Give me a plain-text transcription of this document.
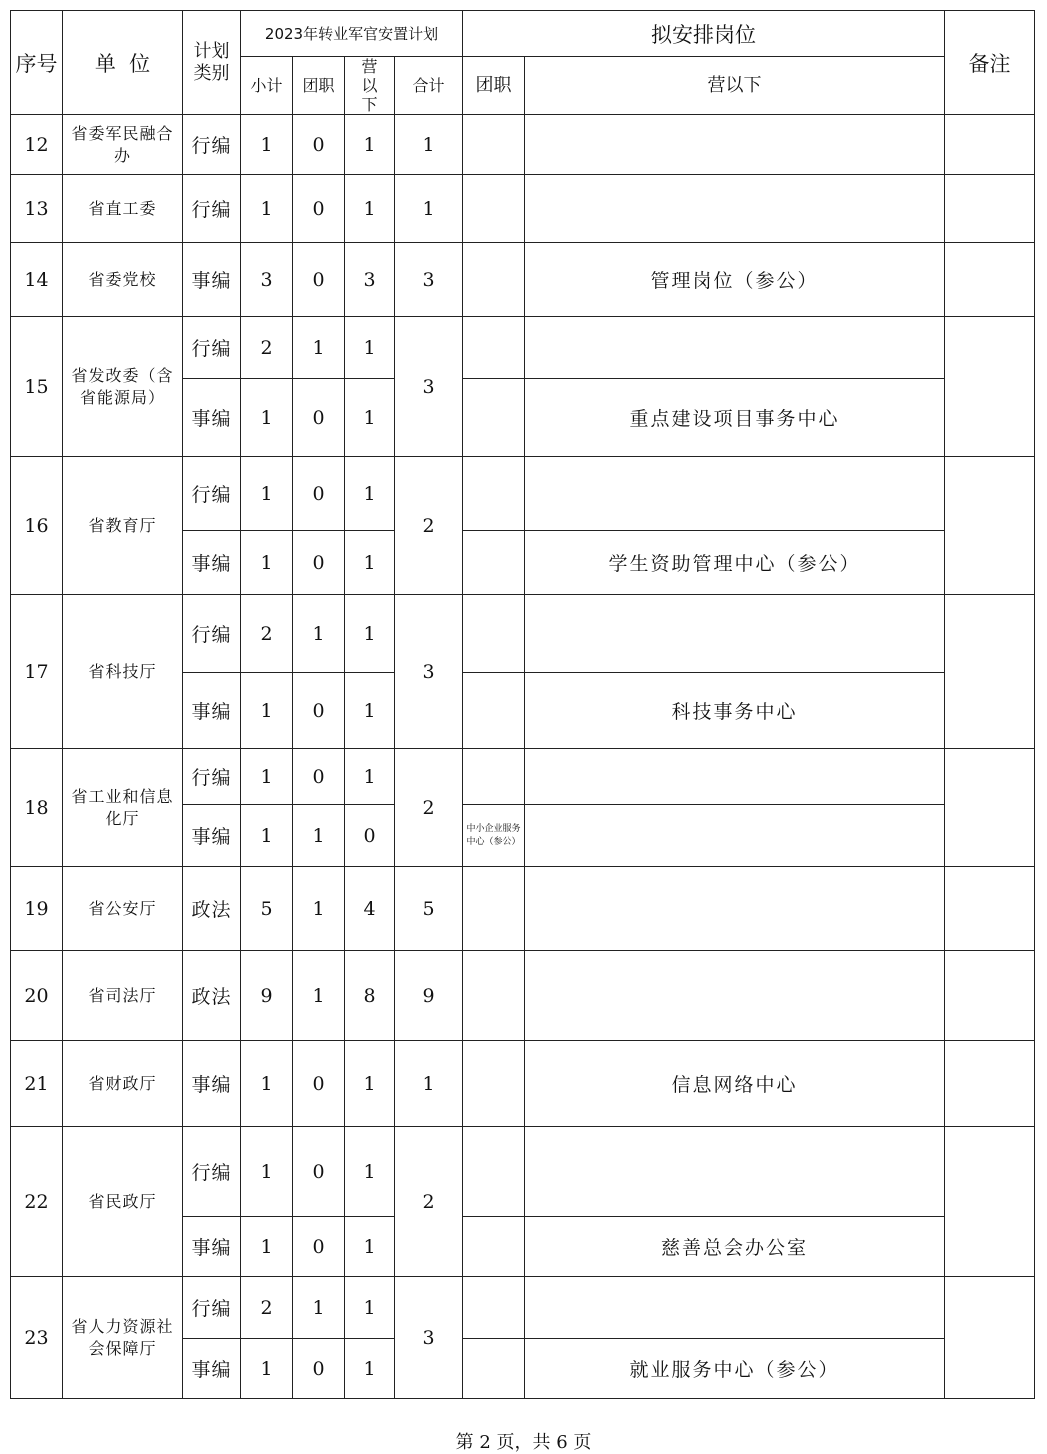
序号	单  位	计划类别	2023年转业军官安置计划				拟安排岗位		备注
			小计	团职	营以下	合计	团职	营以下	
12	省委军民融合办	行编	1	0	1	1			
13	省直工委	行编	1	0	1	1			
14	省委党校	事编	3	0	3	3		管理岗位（参公）	
15	省发改委（含省能源局）	行编	2	1	1	3			
		事编	1	0	1			重点建设项目事务中心	
16	省教育厅	行编	1	0	1	2			
		事编	1	0	1			学生资助管理中心（参公）	
17	省科技厅	行编	2	1	1	3			
		事编	1	0	1			科技事务中心	
18	省工业和信息化厅	行编	1	0	1	2			
		事编	1	1	0		中小企业服务中心（参公）		
19	省公安厅	政法	5	1	4	5			
20	省司法厅	政法	9	1	8	9			
21	省财政厅	事编	1	0	1	1		信息网络中心	
22	省民政厅	行编	1	0	1	2			
		事编	1	0	1			慈善总会办公室	
23	省人力资源社会保障厅	行编	2	1	1	3			
		事编	1	0	1			就业服务中心（参公）	
第 2 页，共 6 页
